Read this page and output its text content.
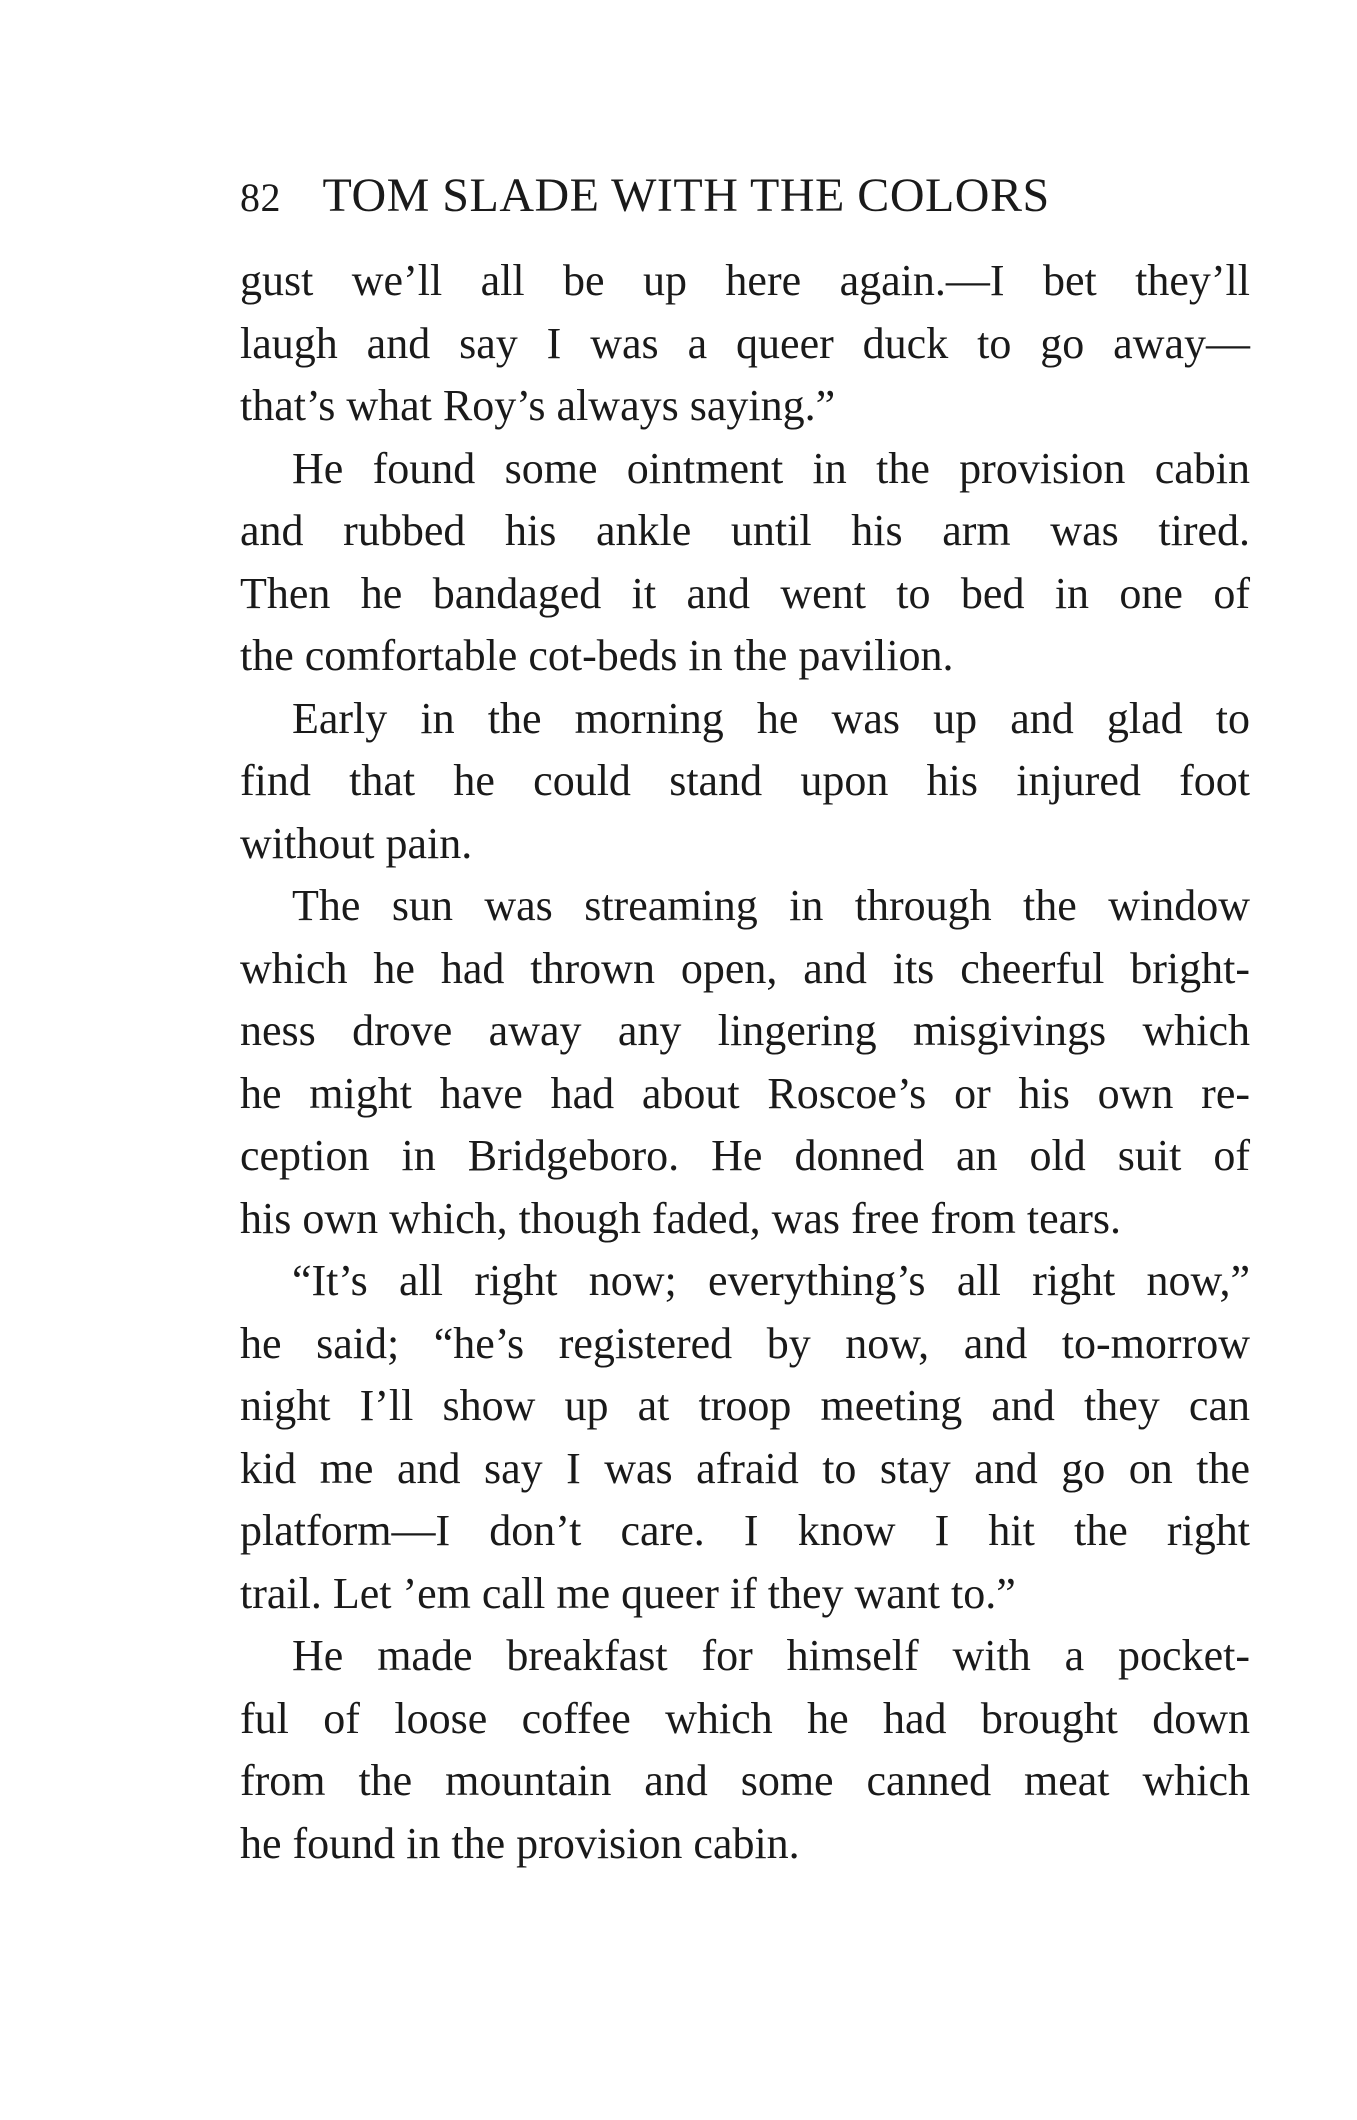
82 TOM SLADE WITH THE COLORS
gust we’ll all be up here again.—I bet they’ll
laugh and say I was a queer duck to go away—
that’s what Roy’s always saying.”
He found some ointment in the provision cabin
and rubbed his ankle until his arm was tired.
Then he bandaged it and went to bed in one of
the comfortable cot-beds in the pavilion.
Early in the morning he was up and glad to
find that he could stand upon his injured foot
without pain.
The sun was streaming in through the window
which he had thrown open, and its cheerful bright-
ness drove away any lingering misgivings which
he might have had about Roscoe’s or his own re-
ception in Bridgeboro. He donned an old suit of
his own which, though faded, was free from tears.
“It’s all right now; everything’s all right now,”
he said; “he’s registered by now, and to-morrow
night I’ll show up at troop meeting and they can
kid me and say I was afraid to stay and go on the
platform—I don’t care. I know I hit the right
trail. Let ’em call me queer if they want to.”
He made breakfast for himself with a pocket-
ful of loose coffee which he had brought down
from the mountain and some canned meat which
he found in the provision cabin.
